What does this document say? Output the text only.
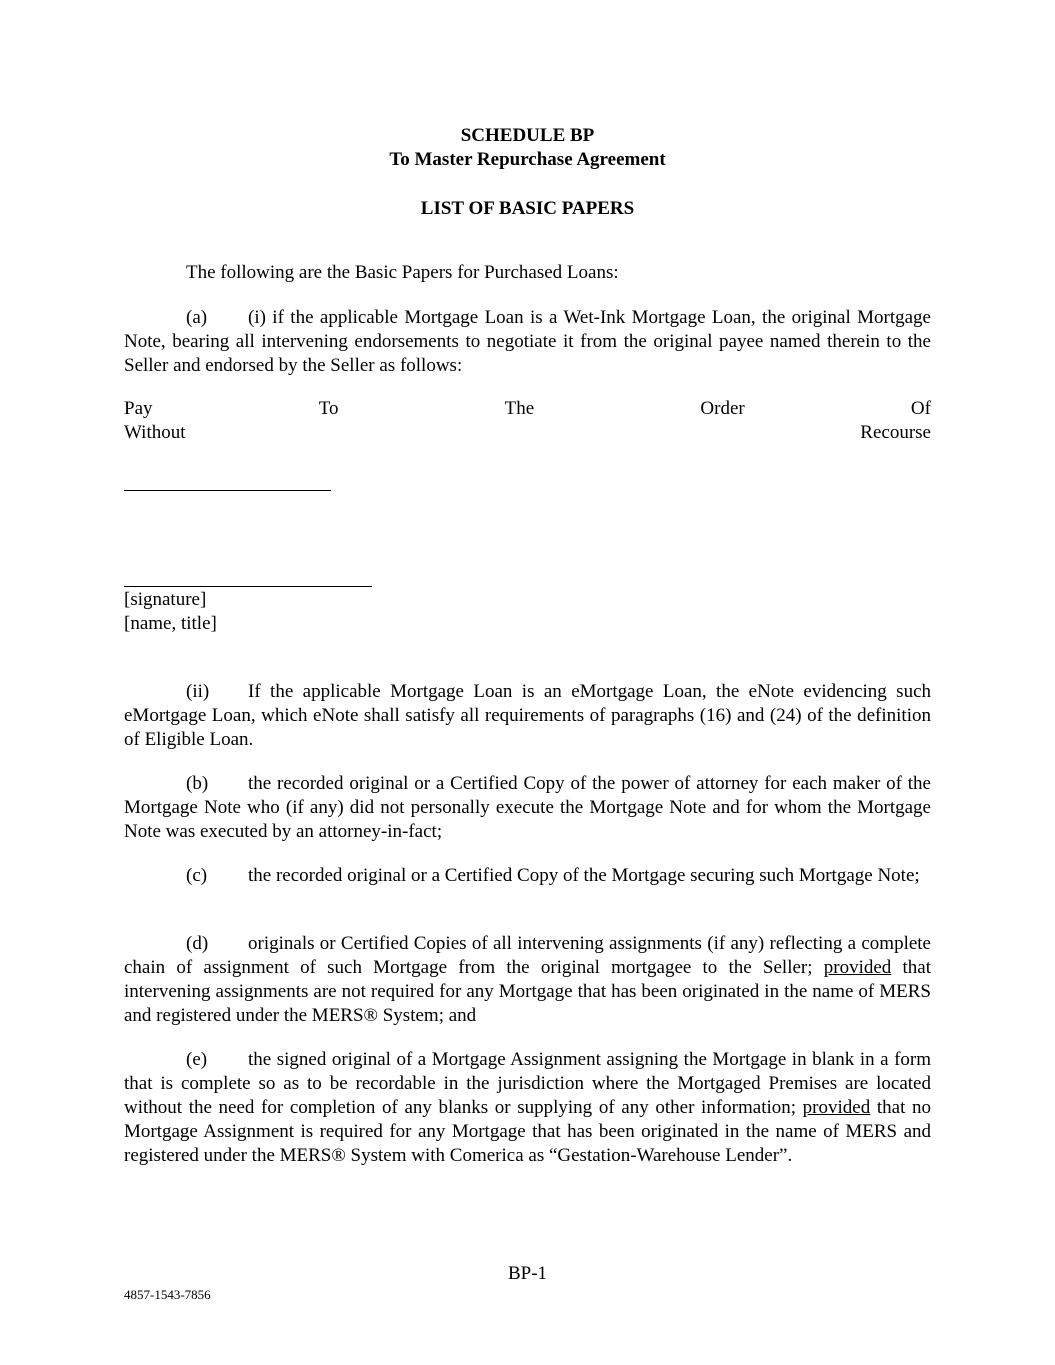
SCHEDULE BP
To Master Repurchase Agreement
LIST OF BASIC PAPERS
The following are the Basic Papers for Purchased Loans:
(a) (i) if the applicable Mortgage Loan is a Wet-Ink Mortgage Loan, the original Mortgage Note, bearing all intervening endorsements to negotiate it from the original payee named therein to the Seller and endorsed by the Seller as follows:
Pay	To	The	Order	Of
Without	Recourse
[signature]
[name, title]
(ii) If the applicable Mortgage Loan is an eMortgage Loan, the eNote evidencing such eMortgage Loan, which eNote shall satisfy all requirements of paragraphs (16) and (24) of the definition of Eligible Loan.
(b) the recorded original or a Certified Copy of the power of attorney for each maker of the Mortgage Note who (if any) did not personally execute the Mortgage Note and for whom the Mortgage Note was executed by an attorney-in-fact;
(c) the recorded original or a Certified Copy of the Mortgage securing such Mortgage Note;
(d) originals or Certified Copies of all intervening assignments (if any) reflecting a complete chain of assignment of such Mortgage from the original mortgagee to the Seller; provided that intervening assignments are not required for any Mortgage that has been originated in the name of MERS and registered under the MERS® System; and
(e) the signed original of a Mortgage Assignment assigning the Mortgage in blank in a form that is complete so as to be recordable in the jurisdiction where the Mortgaged Premises are located without the need for completion of any blanks or supplying of any other information; provided that no Mortgage Assignment is required for any Mortgage that has been originated in the name of MERS and registered under the MERS® System with Comerica as “Gestation-Warehouse Lender”.
BP-1
4857-1543-7856
